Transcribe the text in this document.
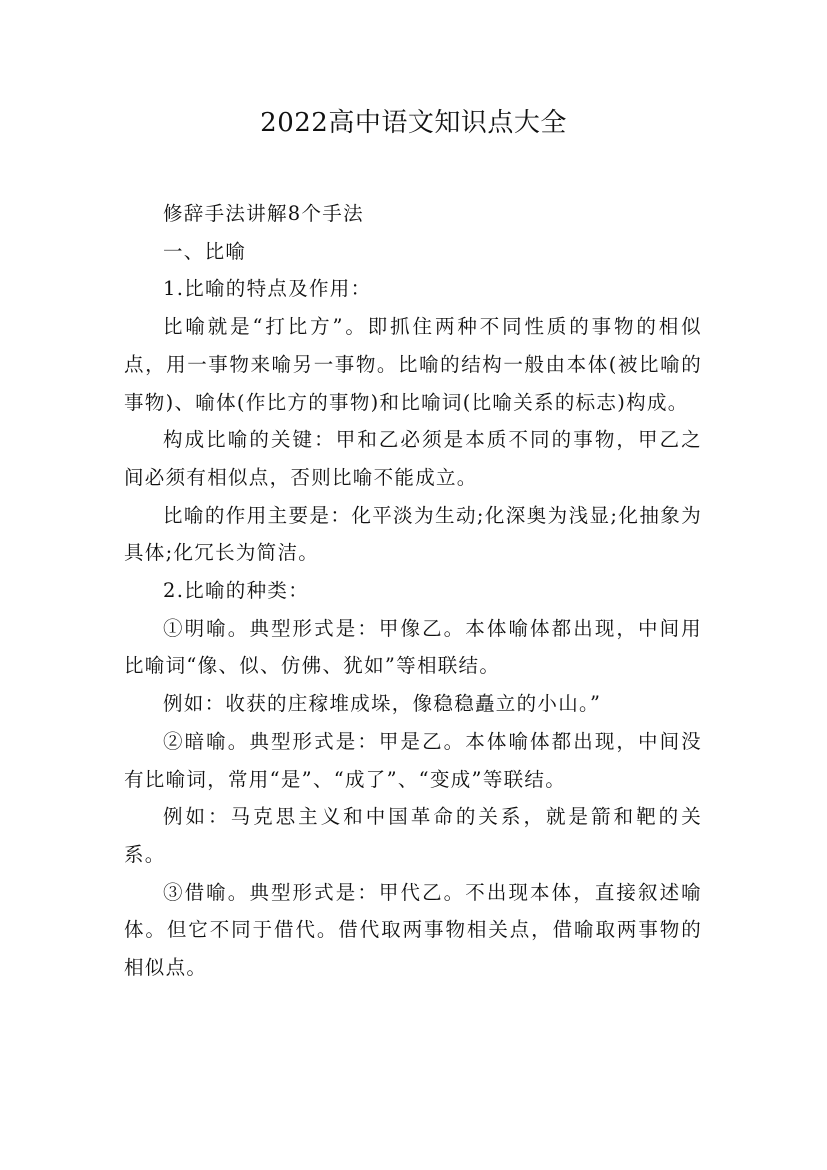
2022高中语文知识点大全

修辞手法讲解8个手法

一、比喻

1.比喻的特点及作用：

比喻就是“打比方”。即抓住两种不同性质的事物的相似点，用一事物来喻另一事物。比喻的结构一般由本体(被比喻的事物)、喻体(作比方的事物)和比喻词(比喻关系的标志)构成。

构成比喻的关键：甲和乙必须是本质不同的事物，甲乙之间必须有相似点，否则比喻不能成立。

比喻的作用主要是：化平淡为生动;化深奥为浅显;化抽象为具体;化冗长为简洁。

2.比喻的种类：

①明喻。典型形式是：甲像乙。本体喻体都出现，中间用比喻词“像、似、仿佛、犹如”等相联结。

例如：收获的庄稼堆成垛，像稳稳矗立的小山。”

②暗喻。典型形式是：甲是乙。本体喻体都出现，中间没有比喻词，常用“是”、“成了”、“变成”等联结。

例如：马克思主义和中国革命的关系，就是箭和靶的关系。

③借喻。典型形式是：甲代乙。不出现本体，直接叙述喻体。但它不同于借代。借代取两事物相关点，借喻取两事物的相似点。
